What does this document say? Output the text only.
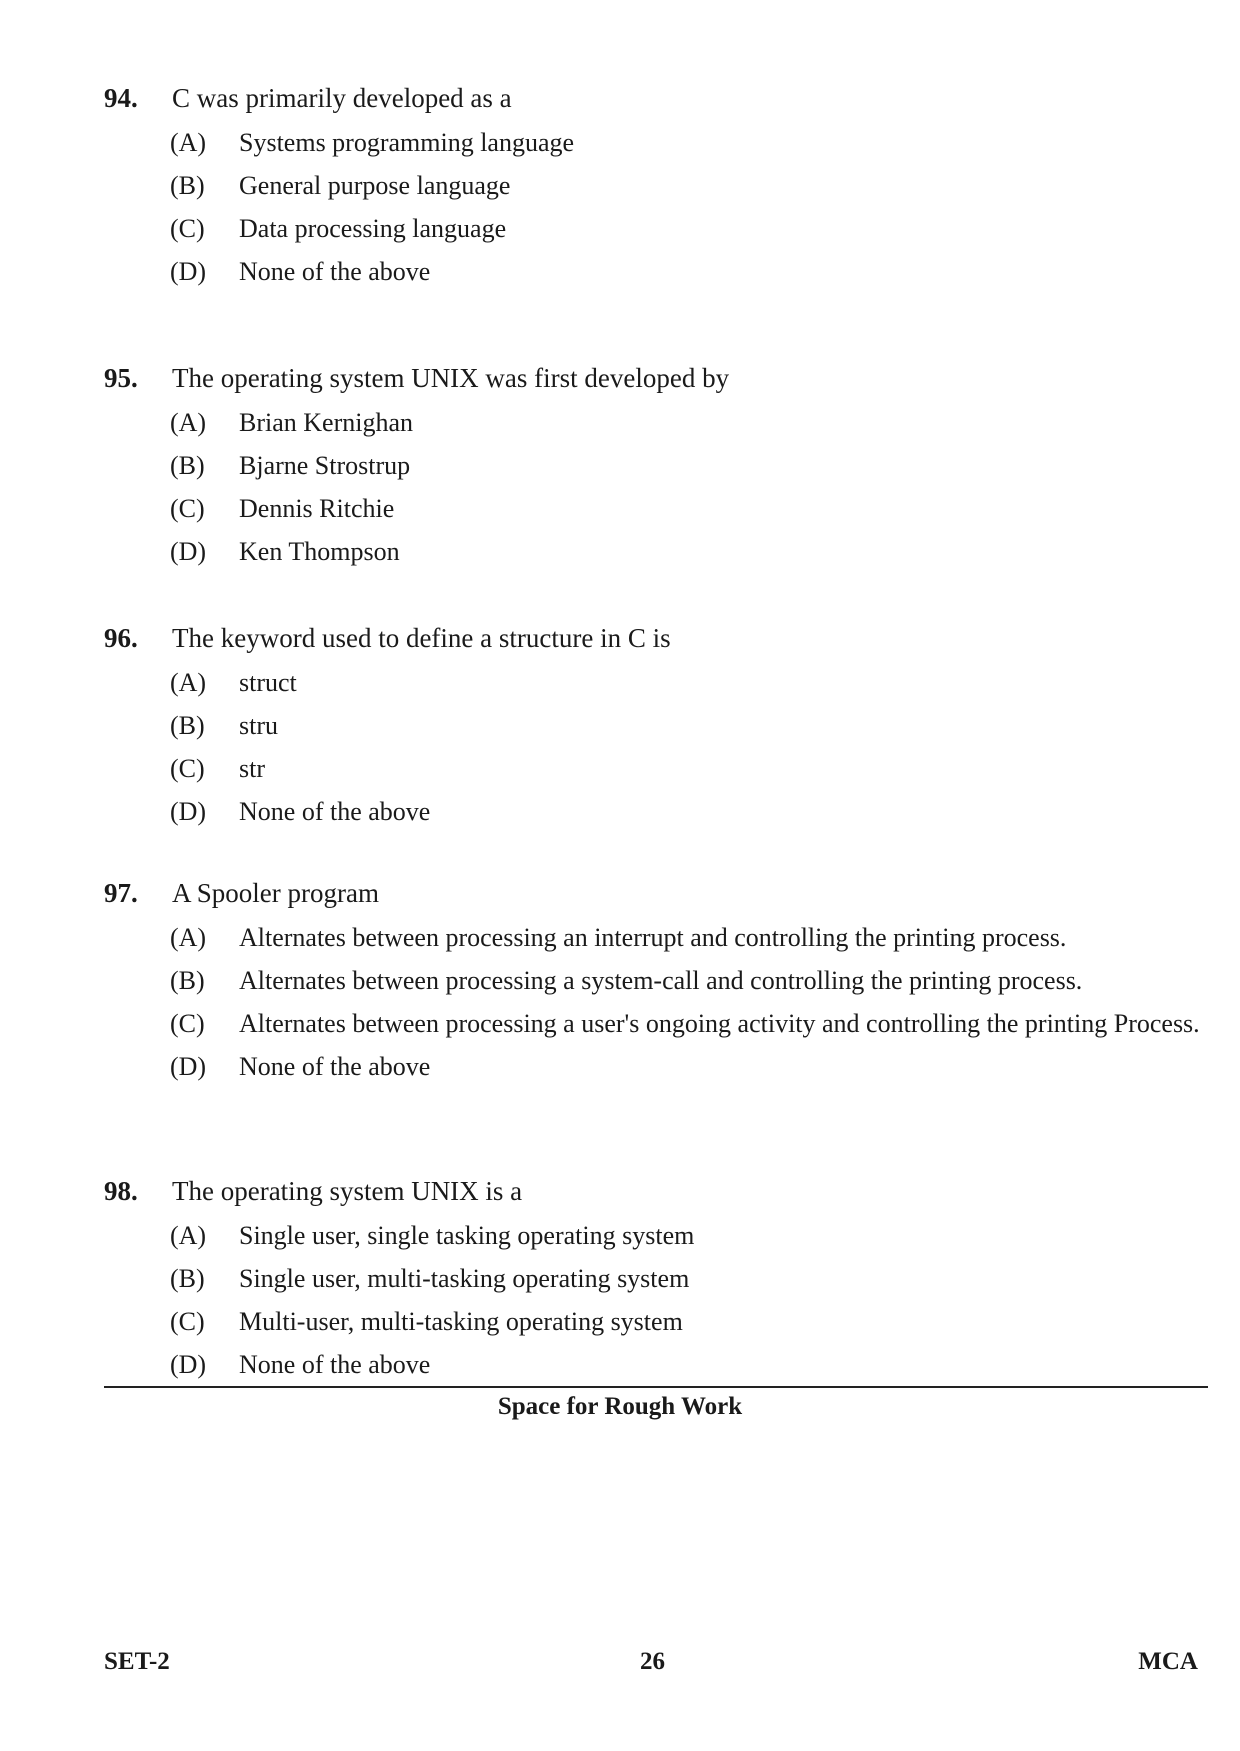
94. C was primarily developed as a
(A) Systems programming language
(B) General purpose language
(C) Data processing language
(D) None of the above
95. The operating system UNIX was first developed by
(A) Brian Kernighan
(B) Bjarne Strostrup
(C) Dennis Ritchie
(D) Ken Thompson
96. The keyword used to define a structure in C is
(A) struct
(B) stru
(C) str
(D) None of the above
97. A Spooler program
(A) Alternates between processing an interrupt and controlling the printing process.
(B) Alternates between processing a system-call and controlling the printing process.
(C) Alternates between processing a user's ongoing activity and controlling the printing Process.
(D) None of the above
98. The operating system UNIX is a
(A) Single user, single tasking operating system
(B) Single user, multi-tasking operating system
(C) Multi-user, multi-tasking operating system
(D) None of the above
Space for Rough Work
SET-2	26	MCA
